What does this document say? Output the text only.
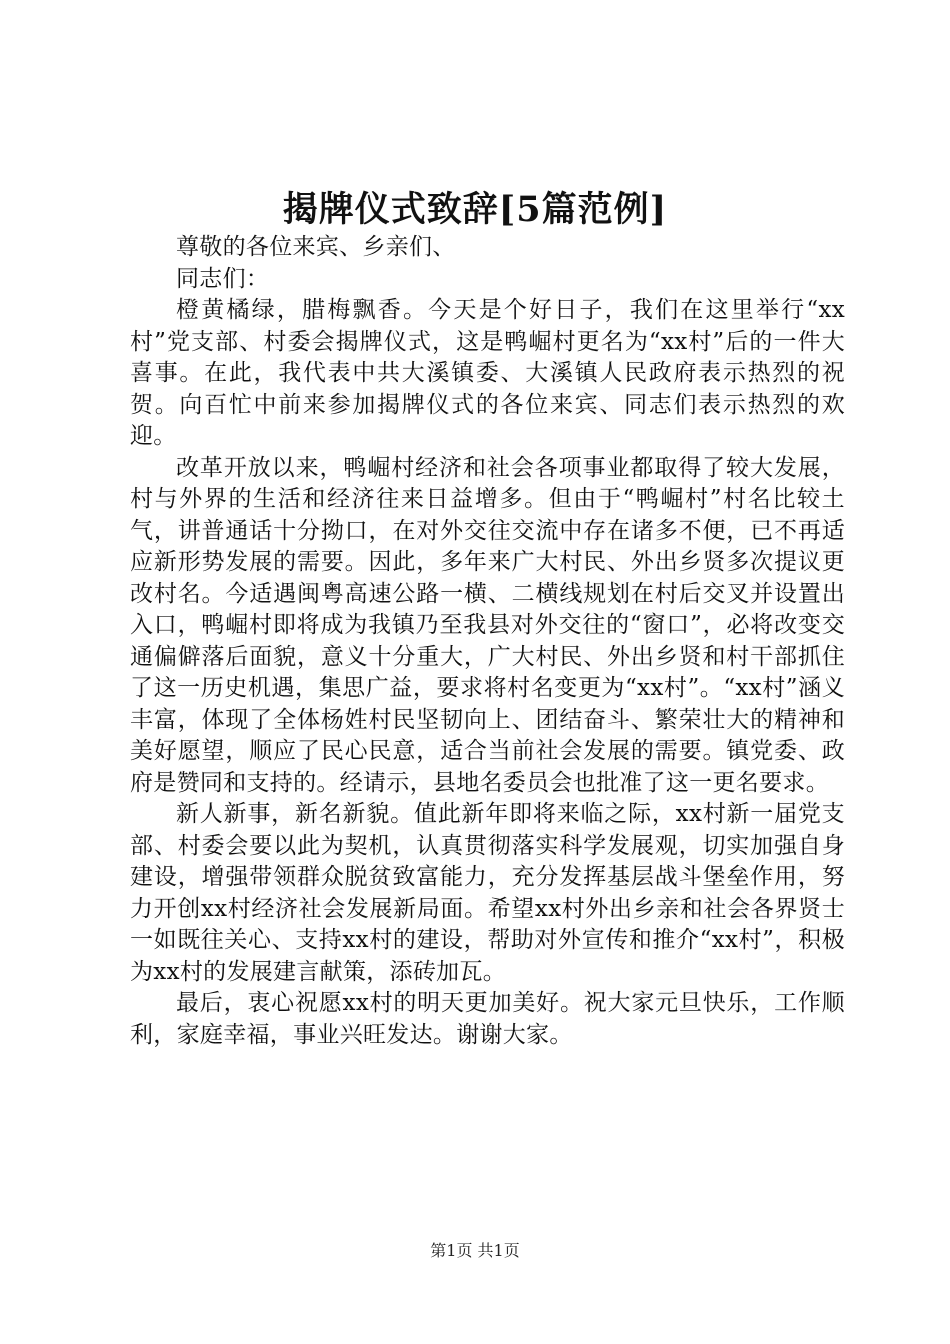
揭牌仪式致辞[5篇范例]

尊敬的各位来宾、乡亲们、

同志们：

橙黄橘绿，腊梅飘香。今天是个好日子，我们在这里举行“xx村”党支部、村委会揭牌仪式，这是鸭崛村更名为“xx村”后的一件大喜事。在此，我代表中共大溪镇委、大溪镇人民政府表示热烈的祝贺。向百忙中前来参加揭牌仪式的各位来宾、同志们表示热烈的欢迎。

改革开放以来，鸭崛村经济和社会各项事业都取得了较大发展，村与外界的生活和经济往来日益增多。但由于“鸭崛村”村名比较土气，讲普通话十分拗口，在对外交往交流中存在诸多不便，已不再适应新形势发展的需要。因此，多年来广大村民、外出乡贤多次提议更改村名。今适遇闽粤高速公路一横、二横线规划在村后交叉并设置出入口，鸭崛村即将成为我镇乃至我县对外交往的“窗口”，必将改变交通偏僻落后面貌，意义十分重大，广大村民、外出乡贤和村干部抓住了这一历史机遇，集思广益，要求将村名变更为“xx村”。“xx村”涵义丰富，体现了全体杨姓村民坚韧向上、团结奋斗、繁荣壮大的精神和美好愿望，顺应了民心民意，适合当前社会发展的需要。镇党委、政府是赞同和支持的。经请示，县地名委员会也批准了这一更名要求。

新人新事，新名新貌。值此新年即将来临之际，xx村新一届党支部、村委会要以此为契机，认真贯彻落实科学发展观，切实加强自身建设，增强带领群众脱贫致富能力，充分发挥基层战斗堡垒作用，努力开创xx村经济社会发展新局面。希望xx村外出乡亲和社会各界贤士一如既往关心、支持xx村的建设，帮助对外宣传和推介“xx村”，积极为xx村的发展建言献策，添砖加瓦。

最后，衷心祝愿xx村的明天更加美好。祝大家元旦快乐，工作顺利，家庭幸福，事业兴旺发达。谢谢大家。

第1页 共1页
